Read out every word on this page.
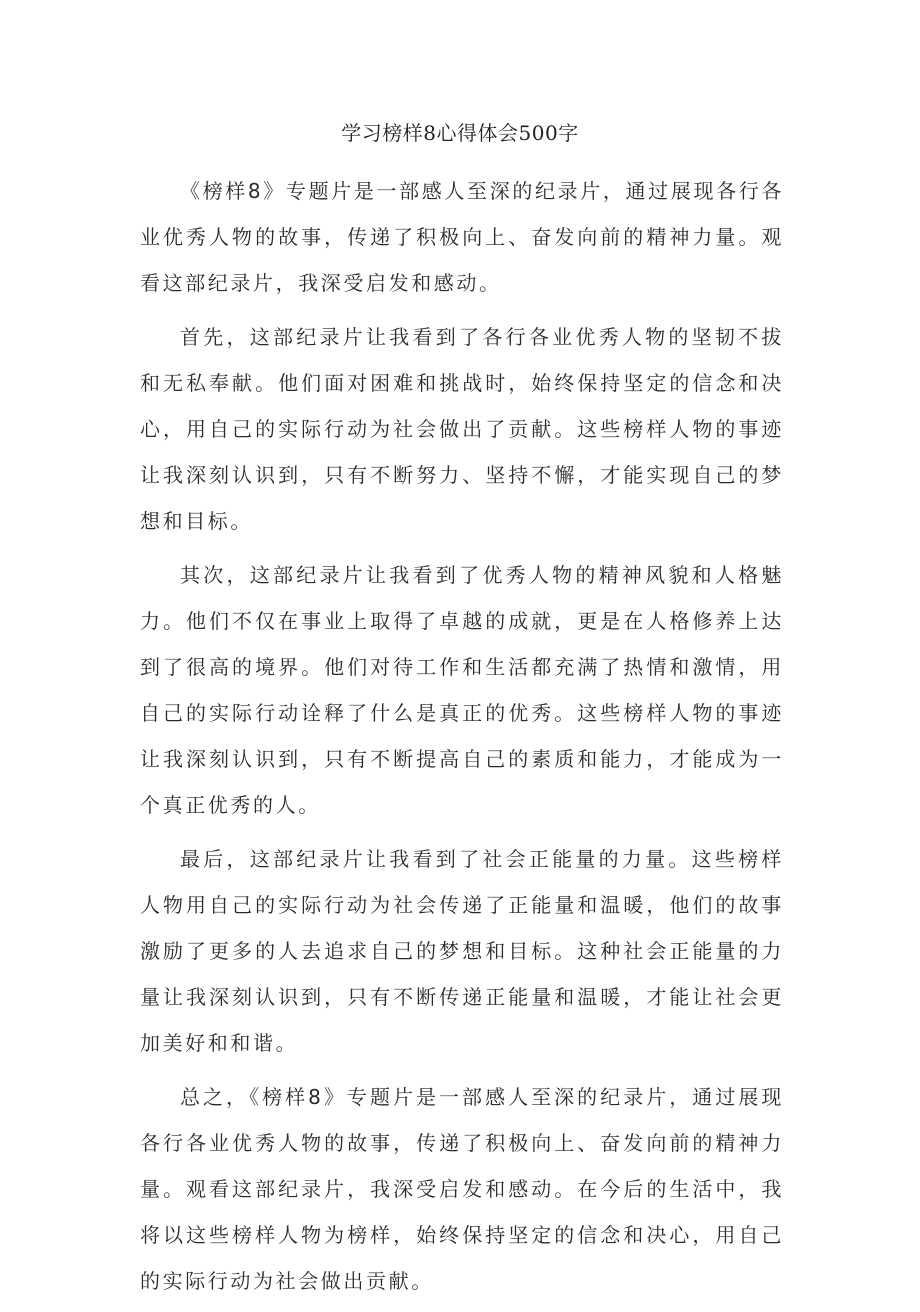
学习榜样8心得体会500字

《榜样8》专题片是一部感人至深的纪录片，通过展现各行各业优秀人物的故事，传递了积极向上、奋发向前的精神力量。观看这部纪录片，我深受启发和感动。

首先，这部纪录片让我看到了各行各业优秀人物的坚韧不拔和无私奉献。他们面对困难和挑战时，始终保持坚定的信念和决心，用自己的实际行动为社会做出了贡献。这些榜样人物的事迹让我深刻认识到，只有不断努力、坚持不懈，才能实现自己的梦想和目标。

其次，这部纪录片让我看到了优秀人物的精神风貌和人格魅力。他们不仅在事业上取得了卓越的成就，更是在人格修养上达到了很高的境界。他们对待工作和生活都充满了热情和激情，用自己的实际行动诠释了什么是真正的优秀。这些榜样人物的事迹让我深刻认识到，只有不断提高自己的素质和能力，才能成为一个真正优秀的人。

最后，这部纪录片让我看到了社会正能量的力量。这些榜样人物用自己的实际行动为社会传递了正能量和温暖，他们的故事激励了更多的人去追求自己的梦想和目标。这种社会正能量的力量让我深刻认识到，只有不断传递正能量和温暖，才能让社会更加美好和和谐。

总之，《榜样8》专题片是一部感人至深的纪录片，通过展现各行各业优秀人物的故事，传递了积极向上、奋发向前的精神力量。观看这部纪录片，我深受启发和感动。在今后的生活中，我将以这些榜样人物为榜样，始终保持坚定的信念和决心，用自己的实际行动为社会做出贡献。
